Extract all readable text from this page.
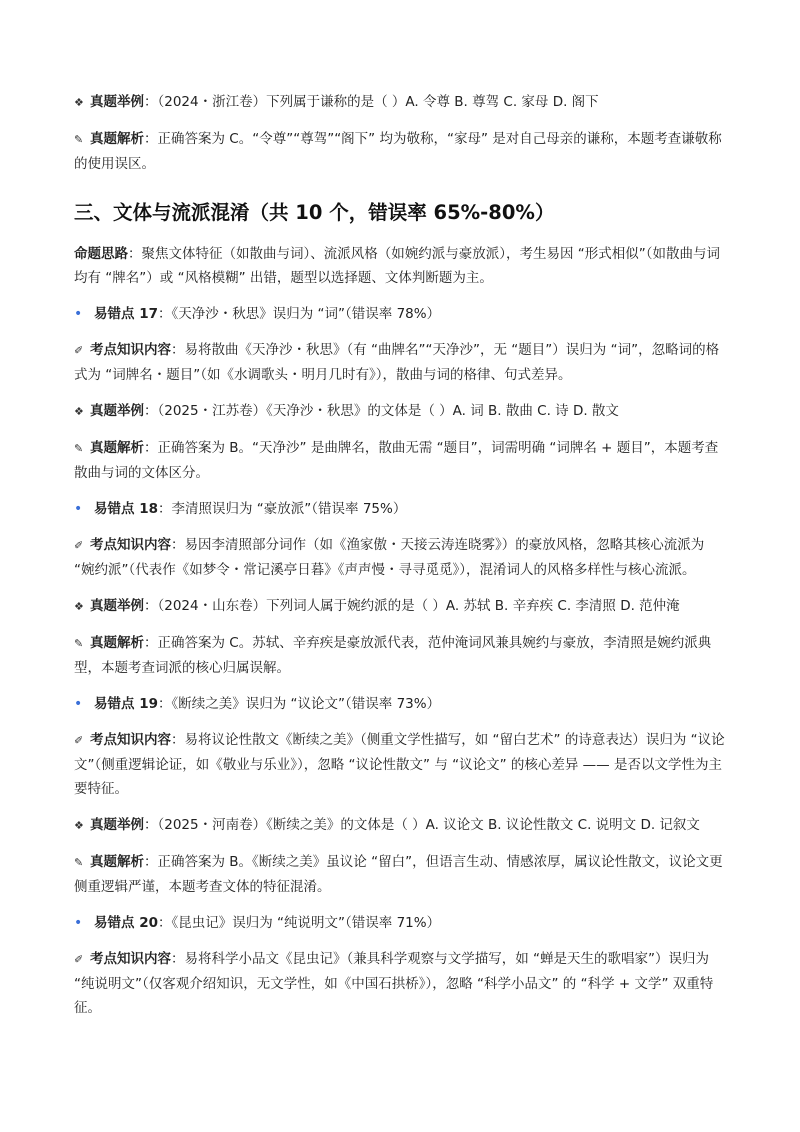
❖ 真题举例：（2024・浙江卷）下列属于谦称的是（ ）A. 令尊 B. 尊驾 C. 家母 D. 阁下

✎ 真题解析：正确答案为 C。“令尊”“尊驾”“阁下” 均为敬称，“家母” 是对自己母亲的谦称，本题考查谦敬称的使用误区。

三、文体与流派混淆（共 10 个，错误率 65%-80%）

命题思路：聚焦文体特征（如散曲与词）、流派风格（如婉约派与豪放派），考生易因 “形式相似”（如散曲与词均有 “牌名”）或 “风格模糊” 出错，题型以选择题、文体判断题为主。

• 易错点 17：《天净沙・秋思》误归为 “词”（错误率 78%）

✐ 考点知识内容：易将散曲《天净沙・秋思》（有 “曲牌名”“天净沙”，无 “题目”）误归为 “词”，忽略词的格式为 “词牌名・题目”（如《水调歌头・明月几时有》），散曲与词的格律、句式差异。

❖ 真题举例：（2025・江苏卷）《天净沙・秋思》的文体是（ ）A. 词 B. 散曲 C. 诗 D. 散文

✎ 真题解析：正确答案为 B。“天净沙” 是曲牌名，散曲无需 “题目”，词需明确 “词牌名 + 题目”，本题考查散曲与词的文体区分。

• 易错点 18：李清照误归为 “豪放派”（错误率 75%）

✐ 考点知识内容：易因李清照部分词作（如《渔家傲・天接云涛连晓雾》）的豪放风格，忽略其核心流派为 “婉约派”（代表作《如梦令・常记溪亭日暮》《声声慢・寻寻觅觅》），混淆词人的风格多样性与核心流派。

❖ 真题举例：（2024・山东卷）下列词人属于婉约派的是（ ）A. 苏轼 B. 辛弃疾 C. 李清照 D. 范仲淹

✎ 真题解析：正确答案为 C。苏轼、辛弃疾是豪放派代表，范仲淹词风兼具婉约与豪放，李清照是婉约派典型，本题考查词派的核心归属误解。

• 易错点 19：《断续之美》误归为 “议论文”（错误率 73%）

✐ 考点知识内容：易将议论性散文《断续之美》（侧重文学性描写，如 “留白艺术” 的诗意表达）误归为 “议论文”（侧重逻辑论证，如《敬业与乐业》），忽略 “议论性散文” 与 “议论文” 的核心差异 —— 是否以文学性为主要特征。

❖ 真题举例：（2025・河南卷）《断续之美》的文体是（ ）A. 议论文 B. 议论性散文 C. 说明文 D. 记叙文

✎ 真题解析：正确答案为 B。《断续之美》虽议论 “留白”，但语言生动、情感浓厚，属议论性散文，议论文更侧重逻辑严谨，本题考查文体的特征混淆。

• 易错点 20：《昆虫记》误归为 “纯说明文”（错误率 71%）

✐ 考点知识内容：易将科学小品文《昆虫记》（兼具科学观察与文学描写，如 “蝉是天生的歌唱家”）误归为 “纯说明文”（仅客观介绍知识，无文学性，如《中国石拱桥》），忽略 “科学小品文” 的 “科学 + 文学” 双重特征。
